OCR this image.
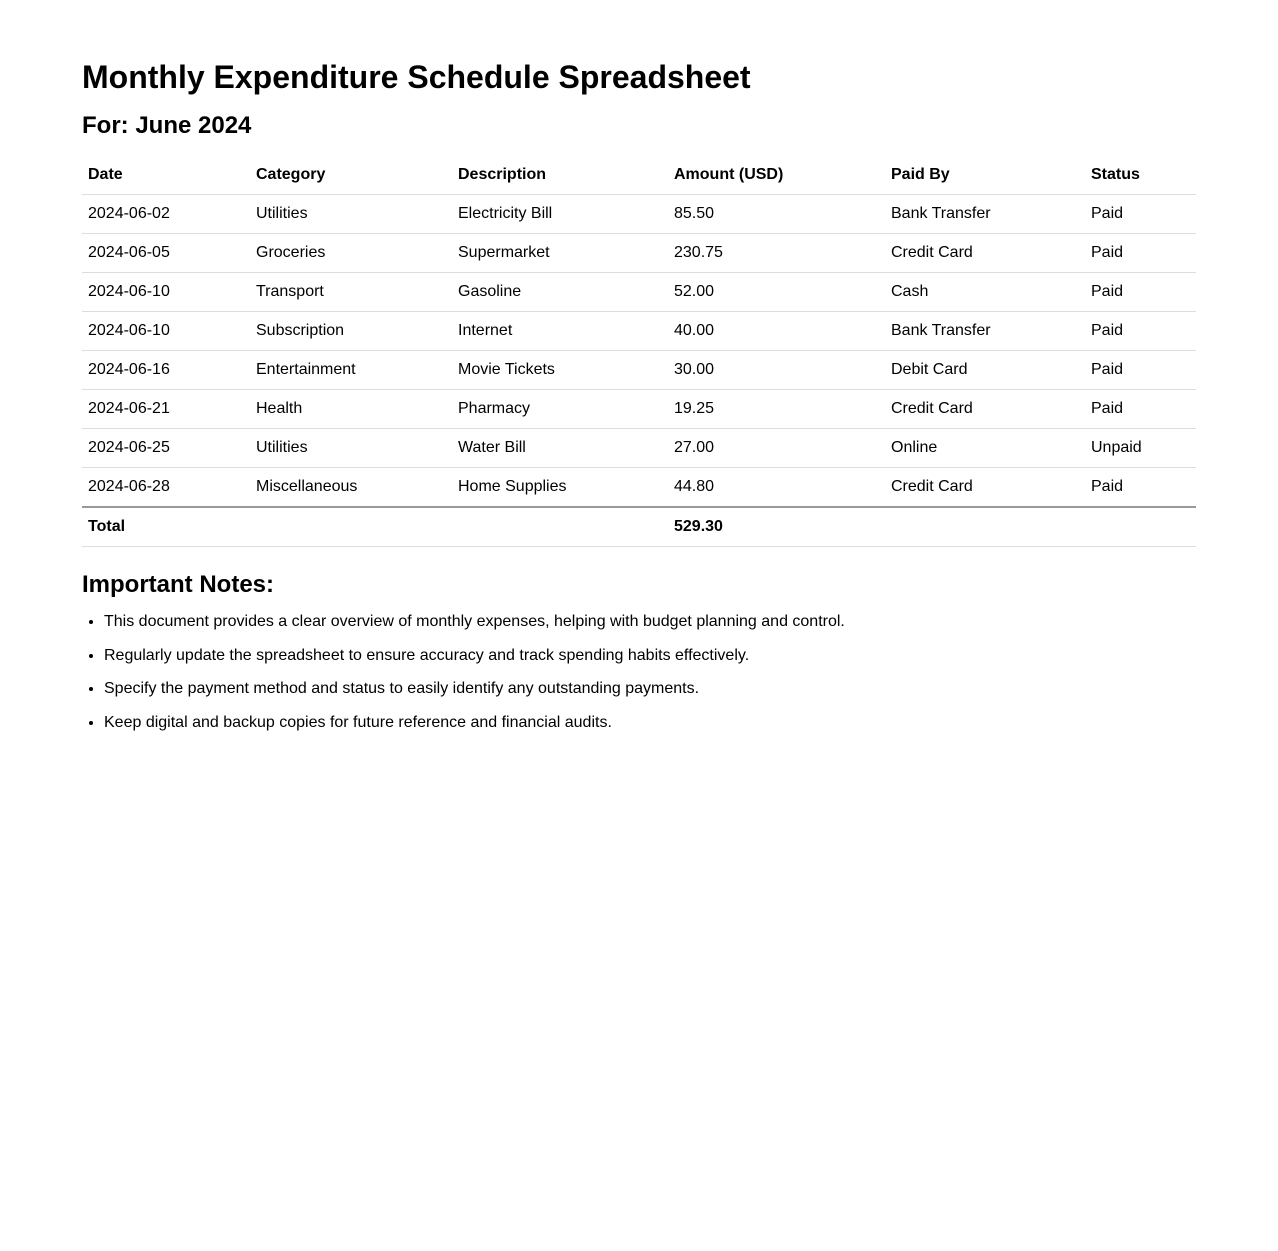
Monthly Expenditure Schedule Spreadsheet
For: June 2024
Date	Category	Description	Amount (USD)	Paid By	Status
2024-06-02	Utilities	Electricity Bill	85.50	Bank Transfer	Paid
2024-06-05	Groceries	Supermarket	230.75	Credit Card	Paid
2024-06-10	Transport	Gasoline	52.00	Cash	Paid
2024-06-10	Subscription	Internet	40.00	Bank Transfer	Paid
2024-06-16	Entertainment	Movie Tickets	30.00	Debit Card	Paid
2024-06-21	Health	Pharmacy	19.25	Credit Card	Paid
2024-06-25	Utilities	Water Bill	27.00	Online	Unpaid
2024-06-28	Miscellaneous	Home Supplies	44.80	Credit Card	Paid
Total			529.30		
Important Notes:
• This document provides a clear overview of monthly expenses, helping with budget planning and control.
• Regularly update the spreadsheet to ensure accuracy and track spending habits effectively.
• Specify the payment method and status to easily identify any outstanding payments.
• Keep digital and backup copies for future reference and financial audits.
